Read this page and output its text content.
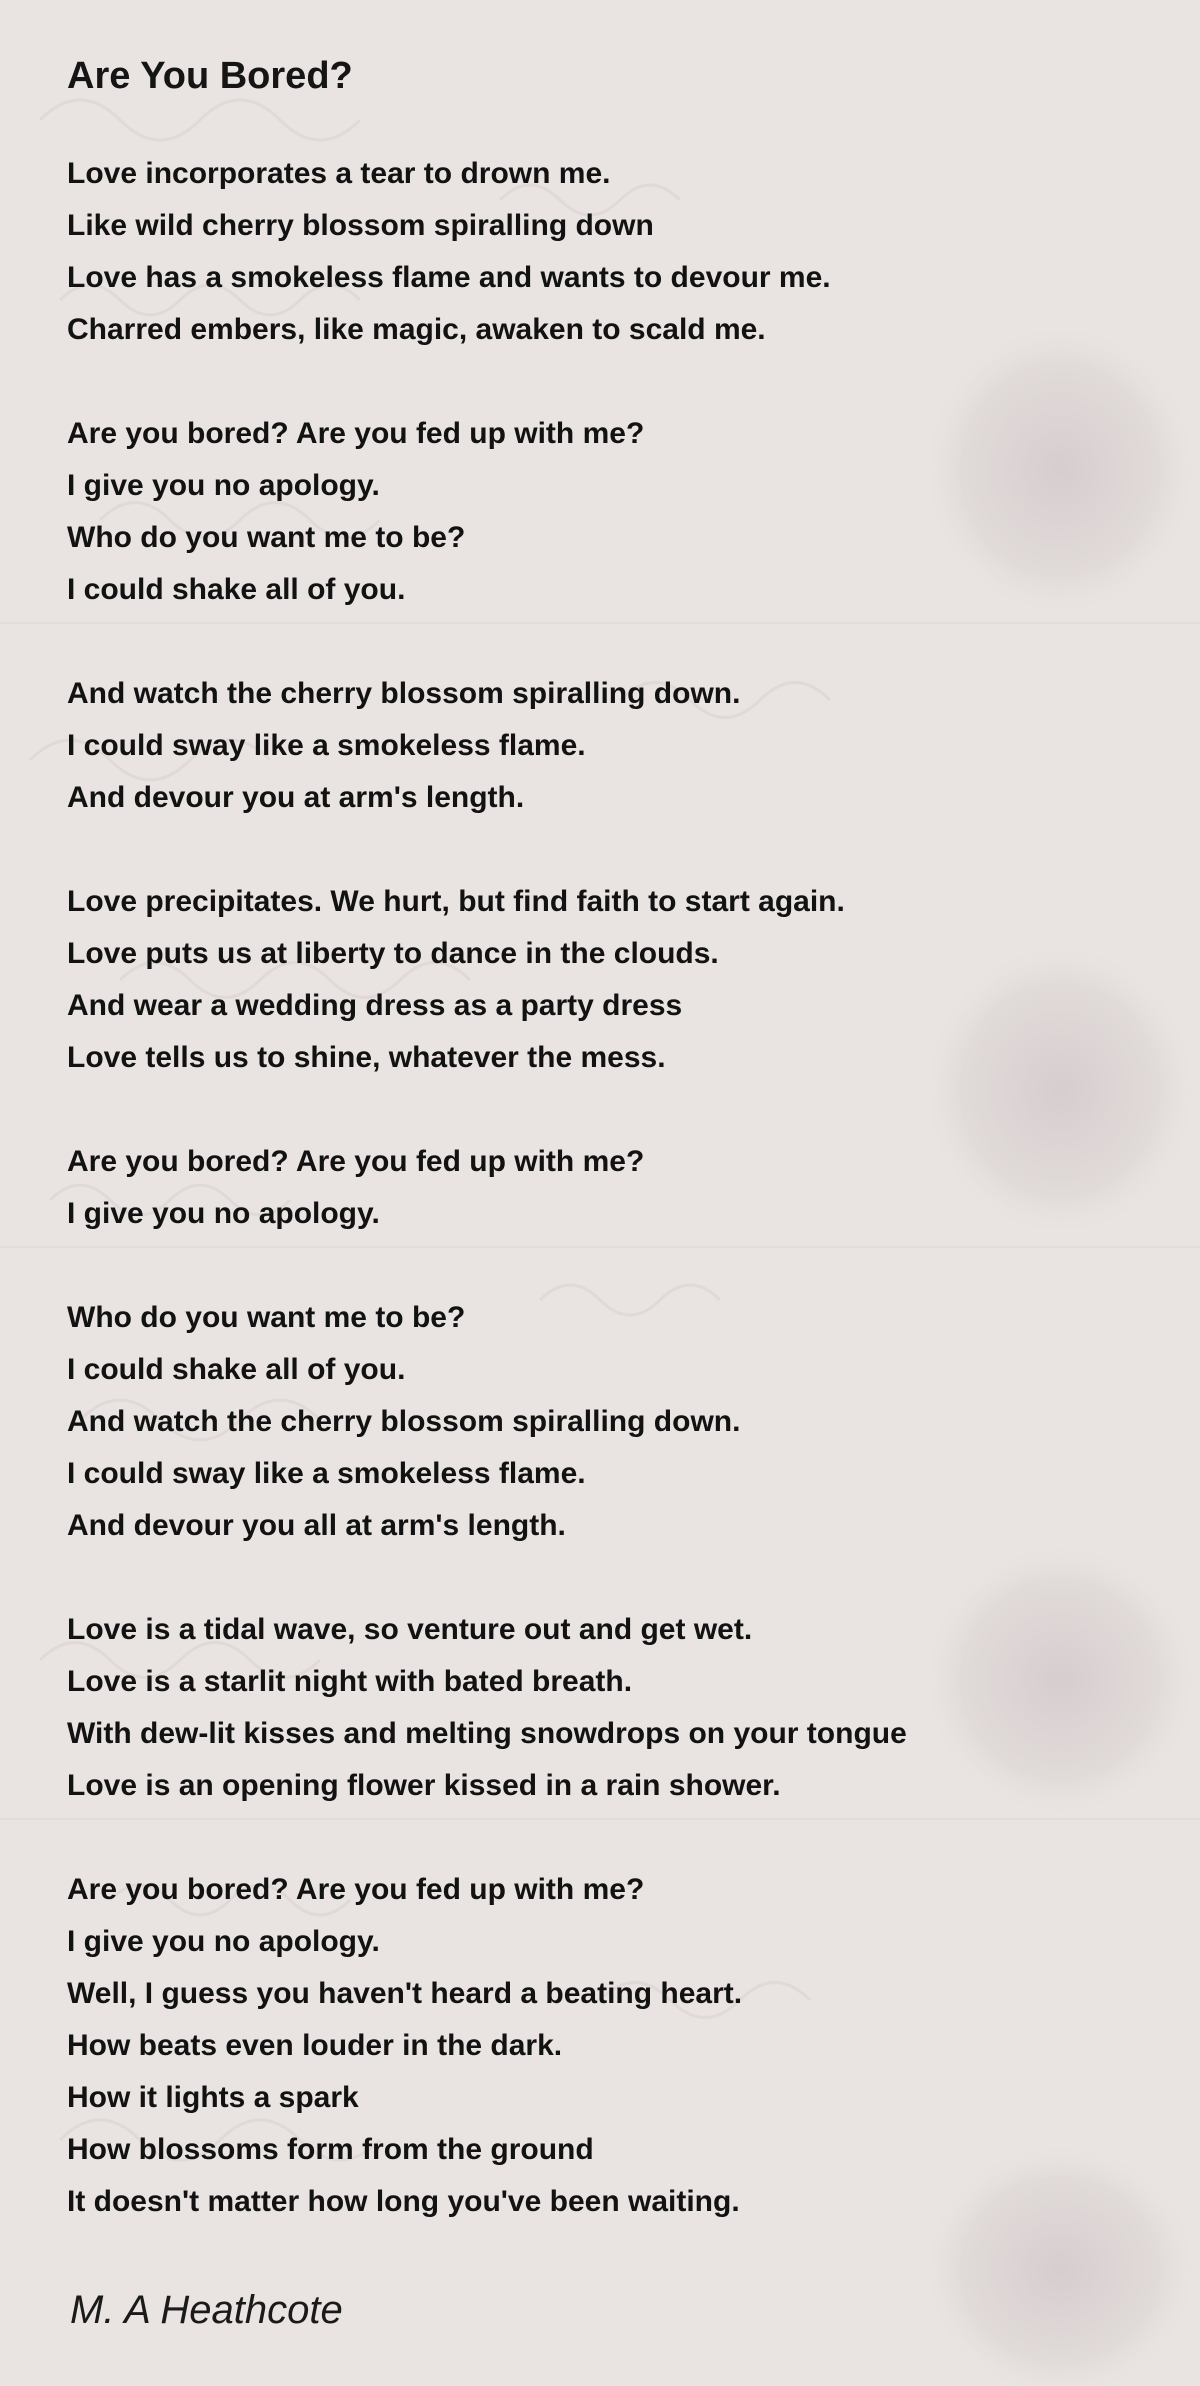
Are You Bored?
Love incorporates a tear to drown me.
Like wild cherry blossom spiralling down
Love has a smokeless flame and wants to devour me.
Charred embers, like magic, awaken to scald me.
Are you bored? Are you fed up with me?
I give you no apology.
Who do you want me to be?
I could shake all of you.
And watch the cherry blossom spiralling down.
I could sway like a smokeless flame.
And devour you at arm's length.
Love precipitates. We hurt, but find faith to start again.
Love puts us at liberty to dance in the clouds.
And wear a wedding dress as a party dress
Love tells us to shine, whatever the mess.
Are you bored? Are you fed up with me?
I give you no apology.
Who do you want me to be?
I could shake all of you.
And watch the cherry blossom spiralling down.
I could sway like a smokeless flame.
And devour you all at arm's length.
Love is a tidal wave, so venture out and get wet.
Love is a starlit night with bated breath.
With dew-lit kisses and melting snowdrops on your tongue
Love is an opening flower kissed in a rain shower.
Are you bored? Are you fed up with me?
I give you no apology.
Well, I guess you haven't heard a beating heart.
How beats even louder in the dark.
How it lights a spark
How blossoms form from the ground
It doesn't matter how long you've been waiting.

M. A Heathcote
